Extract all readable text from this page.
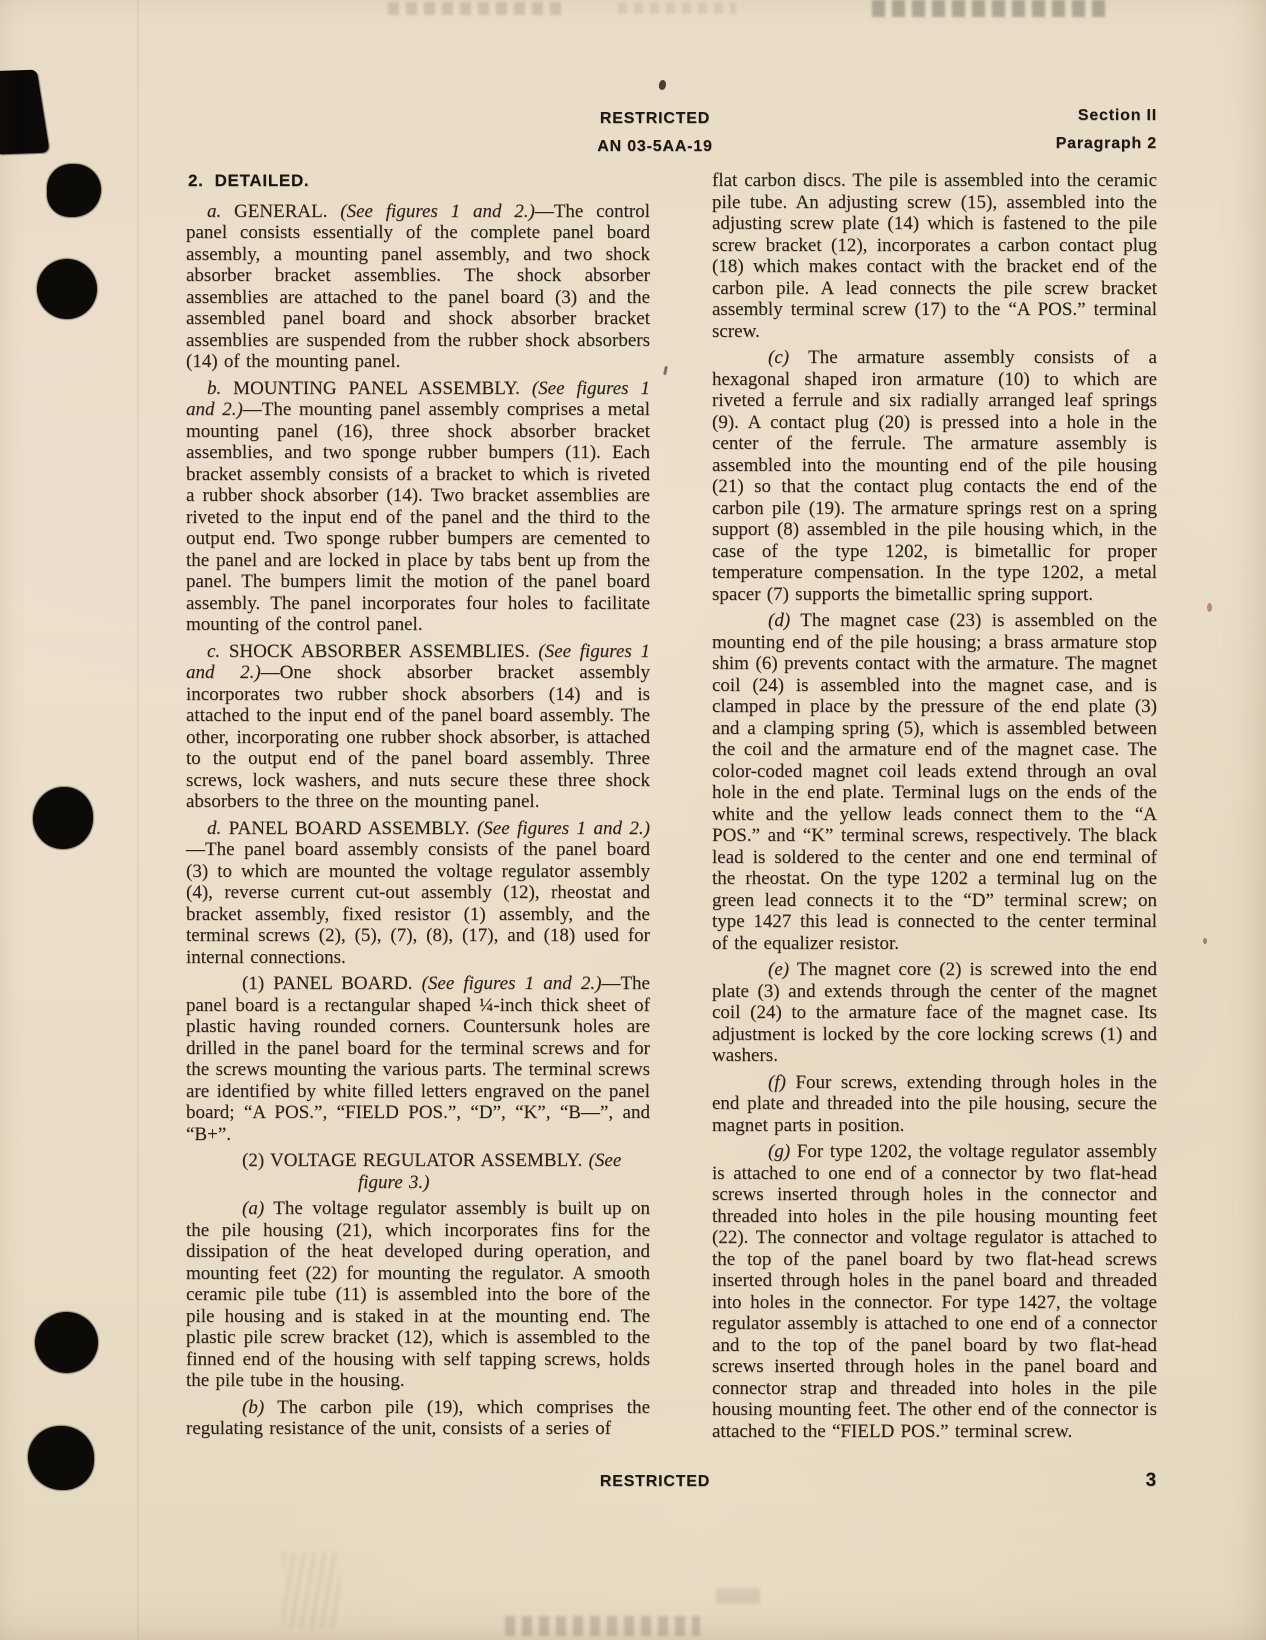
RESTRICTED
AN 03-5AA-19
Section II
Paragraph 2

2. DETAILED.

a. GENERAL. (See figures 1 and 2.)—The control panel consists essentially of the complete panel board assembly, a mounting panel assembly, and two shock absorber bracket assemblies. The shock absorber assemblies are attached to the panel board (3) and the assembled panel board and shock absorber bracket assemblies are suspended from the rubber shock absorbers (14) of the mounting panel.

b. MOUNTING PANEL ASSEMBLY. (See figures 1 and 2.)—The mounting panel assembly comprises a metal mounting panel (16), three shock absorber bracket assemblies, and two sponge rubber bumpers (11). Each bracket assembly consists of a bracket to which is riveted a rubber shock absorber (14). Two bracket assemblies are riveted to the input end of the panel and the third to the output end. Two sponge rubber bumpers are cemented to the panel and are locked in place by tabs bent up from the panel. The bumpers limit the motion of the panel board assembly. The panel incorporates four holes to facilitate mounting of the control panel.

c. SHOCK ABSORBER ASSEMBLIES. (See figures 1 and 2.)—One shock absorber bracket assembly incorporates two rubber shock absorbers (14) and is attached to the input end of the panel board assembly. The other, incorporating one rubber shock absorber, is attached to the output end of the panel board assembly. Three screws, lock washers, and nuts secure these three shock absorbers to the three on the mounting panel.

d. PANEL BOARD ASSEMBLY. (See figures 1 and 2.)—The panel board assembly consists of the panel board (3) to which are mounted the voltage regulator assembly (4), reverse current cut-out assembly (12), rheostat and bracket assembly, fixed resistor (1) assembly, and the terminal screws (2), (5), (7), (8), (17), and (18) used for internal connections.

(1) PANEL BOARD. (See figures 1 and 2.)—The panel board is a rectangular shaped ¼-inch thick sheet of plastic having rounded corners. Countersunk holes are drilled in the panel board for the terminal screws and for the screws mounting the various parts. The terminal screws are identified by white filled letters engraved on the panel board; “A POS.”, “FIELD POS.”, “D”, “K”, “B—”, and “B+”.

(2) VOLTAGE REGULATOR ASSEMBLY. (See
figure 3.)

(a) The voltage regulator assembly is built up on the pile housing (21), which incorporates fins for the dissipation of the heat developed during operation, and mounting feet (22) for mounting the regulator. A smooth ceramic pile tube (11) is assembled into the bore of the pile housing and is staked in at the mounting end. The plastic pile screw bracket (12), which is assembled to the finned end of the housing with self tapping screws, holds the pile tube in the housing.

(b) The carbon pile (19), which comprises the regulating resistance of the unit, consists of a series of

flat carbon discs. The pile is assembled into the ceramic pile tube. An adjusting screw (15), assembled into the adjusting screw plate (14) which is fastened to the pile screw bracket (12), incorporates a carbon contact plug (18) which makes contact with the bracket end of the carbon pile. A lead connects the pile screw bracket assembly terminal screw (17) to the “A POS.” terminal screw.

(c) The armature assembly consists of a hexagonal shaped iron armature (10) to which are riveted a ferrule and six radially arranged leaf springs (9). A contact plug (20) is pressed into a hole in the center of the ferrule. The armature assembly is assembled into the mounting end of the pile housing (21) so that the contact plug contacts the end of the carbon pile (19). The armature springs rest on a spring support (8) assembled in the pile housing which, in the case of the type 1202, is bimetallic for proper temperature compensation. In the type 1202, a metal spacer (7) supports the bimetallic spring support.

(d) The magnet case (23) is assembled on the mounting end of the pile housing; a brass armature stop shim (6) prevents contact with the armature. The magnet coil (24) is assembled into the magnet case, and is clamped in place by the pressure of the end plate (3) and a clamping spring (5), which is assembled between the coil and the armature end of the magnet case. The color-coded magnet coil leads extend through an oval hole in the end plate. Terminal lugs on the ends of the white and the yellow leads connect them to the “A POS.” and “K” terminal screws, respectively. The black lead is soldered to the center and one end terminal of the rheostat. On the type 1202 a terminal lug on the green lead connects it to the “D” terminal screw; on type 1427 this lead is connected to the center terminal of the equalizer resistor.

(e) The magnet core (2) is screwed into the end plate (3) and extends through the center of the magnet coil (24) to the armature face of the magnet case. Its adjustment is locked by the core locking screws (1) and washers.

(f) Four screws, extending through holes in the end plate and threaded into the pile housing, secure the magnet parts in position.

(g) For type 1202, the voltage regulator assembly is attached to one end of a connector by two flat-head screws inserted through holes in the connector and threaded into holes in the pile housing mounting feet (22). The connector and voltage regulator is attached to the top of the panel board by two flat-head screws inserted through holes in the panel board and threaded into holes in the connector. For type 1427, the voltage regulator assembly is attached to one end of a connector and to the top of the panel board by two flat-head screws inserted through holes in the panel board and connector strap and threaded into holes in the pile housing mounting feet. The other end of the connector is attached to the “FIELD POS.” terminal screw.

RESTRICTED	3
